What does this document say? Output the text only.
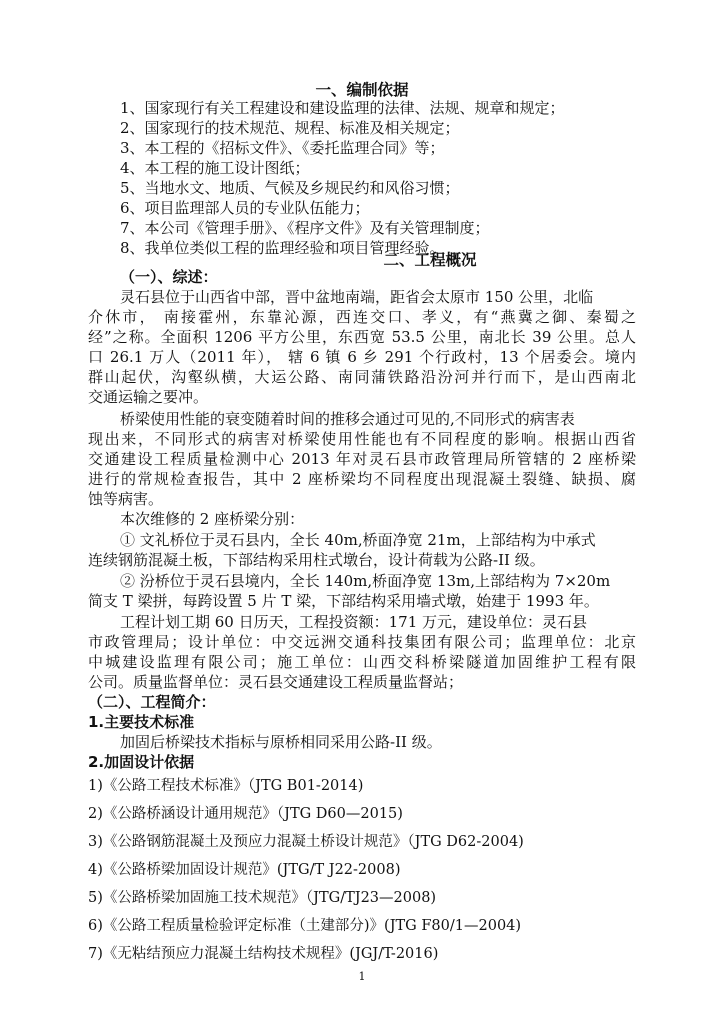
一、编制依据
1、国家现行有关工程建设和建设监理的法律、法规、规章和规定；
2、国家现行的技术规范、规程、标准及相关规定；
3、本工程的《招标文件》、《委托监理合同》等；
4、本工程的施工设计图纸；
5、当地水文、地质、气候及乡规民约和风俗习惯；
6、项目监理部人员的专业队伍能力；
7、本公司《管理手册》、《程序文件》及有关管理制度；
8、我单位类似工程的监理经验和项目管理经验。
二、工程概况
（一）、综述：
灵石县位于山西省中部，晋中盆地南端，距省会太原市 150 公里，北临
介休市， 南接霍州，东靠沁源，西连交口、孝义，有“燕冀之御、秦蜀之
经”之称。全面积 1206 平方公里，东西宽 53.5 公里，南北长 39 公里。总人
口 26.1 万人（2011 年）， 辖 6 镇 6 乡 291 个行政村，13 个居委会。境内
群山起伏，沟壑纵横，大运公路、南同蒲铁路沿汾河并行而下，是山西南北
交通运输之要冲。
桥梁使用性能的衰变随着时间的推移会通过可见的,不同形式的病害表
现出来，不同形式的病害对桥梁使用性能也有不同程度的影响。根据山西省
交通建设工程质量检测中心 2013 年对灵石县市政管理局所管辖的 2 座桥梁
进行的常规检查报告，其中 2 座桥梁均不同程度出现混凝土裂缝、缺损、腐
蚀等病害。
本次维修的 2 座桥梁分别：
① 文礼桥位于灵石县内，全长 40m,桥面净宽 21m，上部结构为中承式
连续钢筋混凝土板，下部结构采用柱式墩台，设计荷载为公路-II 级。
② 汾桥位于灵石县境内，全长 140m,桥面净宽 13m,上部结构为 7×20m
简支 T 梁拼，每跨设置 5 片 T 梁，下部结构采用墙式墩，始建于 1993 年。
工程计划工期 60 日历天，工程投资额：171 万元，建设单位：灵石县
市政管理局；设计单位：中交远洲交通科技集团有限公司；监理单位：北京
中城建设监理有限公司；施工单位：山西交科桥梁隧道加固维护工程有限
公司。质量监督单位：灵石县交通建设工程质量监督站；
（二）、工程简介：
1.主要技术标准
加固后桥梁技术指标与原桥相同采用公路-II 级。
2.加固设计依据
1)《公路工程技术标准》（JTG B01-2014)
2)《公路桥涵设计通用规范》（JTG D60—2015)
3)《公路钢筋混凝土及预应力混凝土桥设计规范》（JTG D62-2004)
4)《公路桥梁加固设计规范》(JTG/T J22-2008)
5)《公路桥梁加固施工技术规范》（JTG/TJ23—2008)
6)《公路工程质量检验评定标准（土建部分)》(JTG F80/1—2004)
7)《无粘结预应力混凝土结构技术规程》(JGJ/T-2016)
1
